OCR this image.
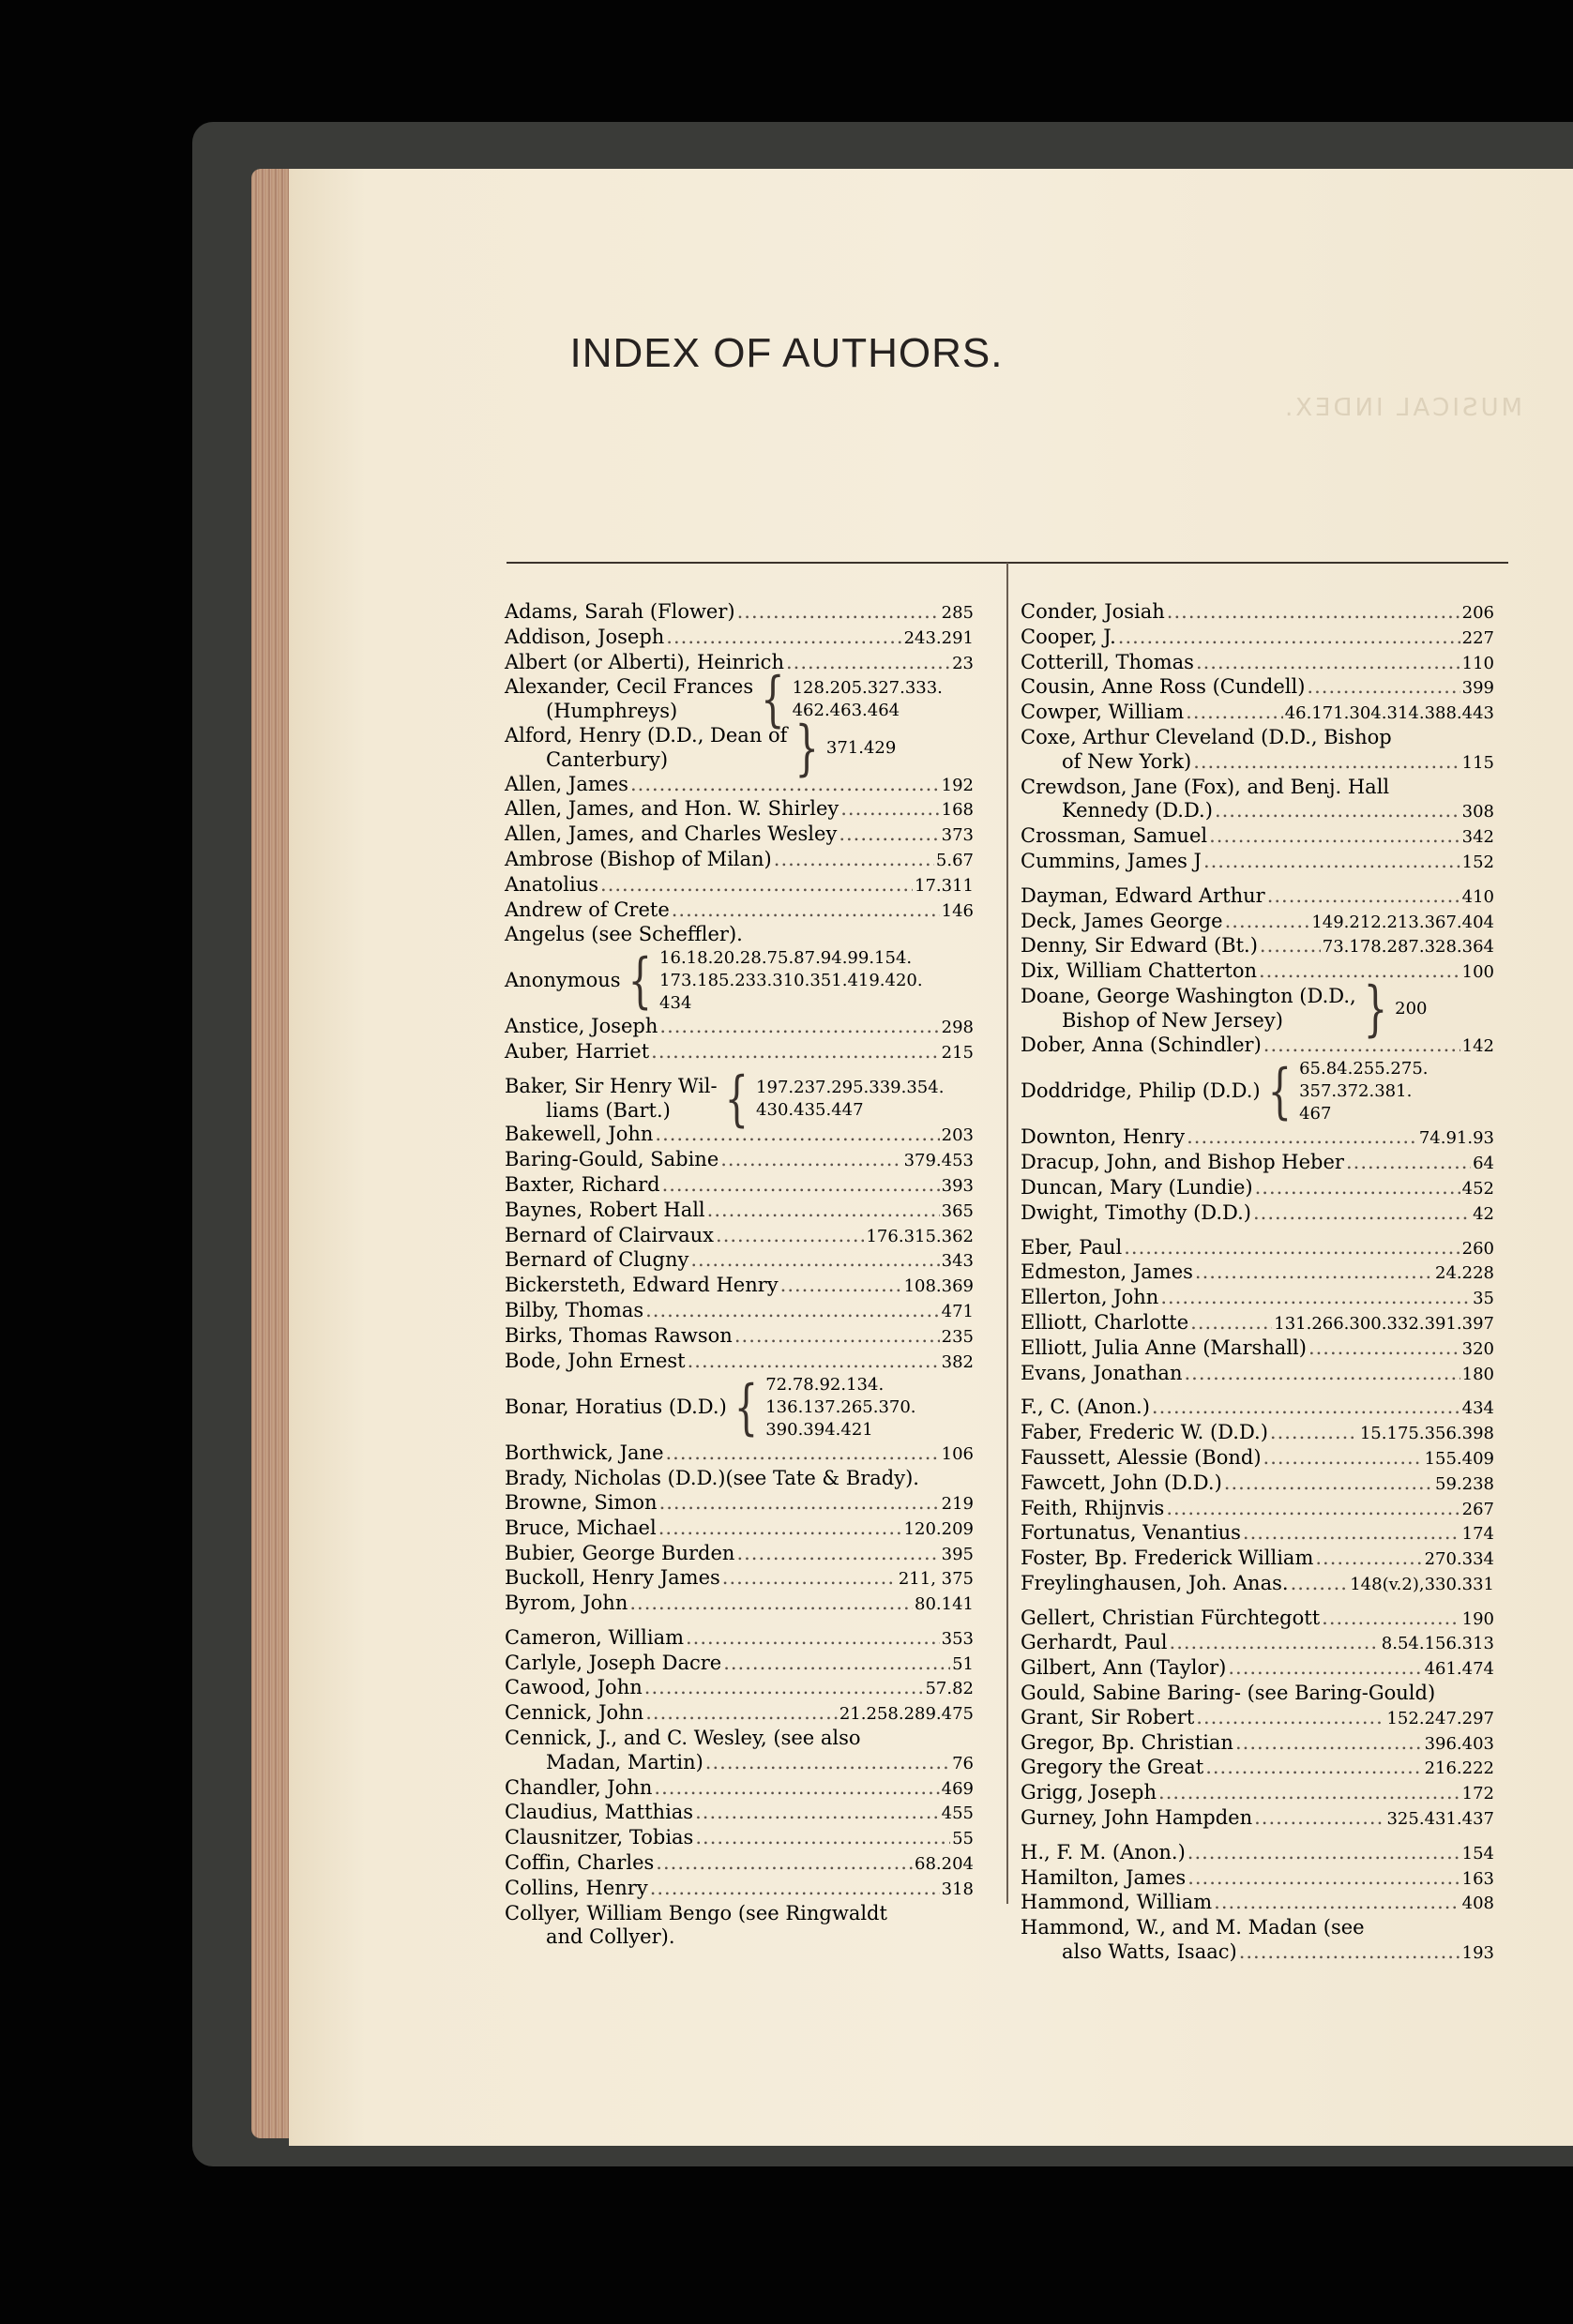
MUSICAL INDEX.
INDEX OF AUTHORS.
Adams, Sarah (Flower) .....	285
Addison, Joseph .....	243.291
Albert (or Alberti), Heinrich .....	23
Alexander, Cecil Frances
(Humphreys)	{ 128.205.327.333.
462.463.464
Alford, Henry (D.D., Dean of
Canterbury)	} 371.429
Allen, James .....	192
Allen, James, and Hon. W. Shirley .....	168
Allen, James, and Charles Wesley .....	373
Ambrose (Bishop of Milan) .....	5.67
Anatolius .....	17.311
Andrew of Crete .....	146
Angelus (see Scheffler).
Anonymous { 16.18.20.28.75.87.94.99.154.
173.185.233.310.351.419.420.
434
Anstice, Joseph .....	298
Auber, Harriet .....	215
Baker, Sir Henry Wil-
liams (Bart.)	{ 197.237.295.339.354.
430.435.447
Bakewell, John .....	203
Baring-Gould, Sabine .....	379.453
Baxter, Richard .....	393
Baynes, Robert Hall .....	365
Bernard of Clairvaux .....	176.315.362
Bernard of Clugny .....	343
Bickersteth, Edward Henry .....	108.369
Bilby, Thomas .....	471
Birks, Thomas Rawson .....	235
Bode, John Ernest .....	382
Bonar, Horatius (D.D.) { 72.78.92.134.
136.137.265.370.
390.394.421
Borthwick, Jane .....	106
Brady, Nicholas (D.D.)(see Tate & Brady).
Browne, Simon .....	219
Bruce, Michael .....	120.209
Bubier, George Burden .....	395
Buckoll, Henry James .....	211, 375
Byrom, John .....	80.141
Cameron, William .....	353
Carlyle, Joseph Dacre .....	51
Cawood, John .....	57.82
Cennick, John .....	21.258.289.475
Cennick, J., and C. Wesley, (see also
Madan, Martin) .....	76
Chandler, John .....	469
Claudius, Matthias .....	455
Clausnitzer, Tobias .....	55
Coffin, Charles .....	68.204
Collins, Henry .....	318
Collyer, William Bengo (see Ringwaldt
and Collyer).
Conder, Josiah .....	206
Cooper, J. .....	227
Cotterill, Thomas .....	110
Cousin, Anne Ross (Cundell) .....	399
Cowper, William .....	46.171.304.314.388.443
Coxe, Arthur Cleveland (D.D., Bishop
of New York) .....	115
Crewdson, Jane (Fox), and Benj. Hall
Kennedy (D.D.) .....	308
Crossman, Samuel .....	342
Cummins, James J .....	152
Dayman, Edward Arthur .....	410
Deck, James George .....	149.212.213.367.404
Denny, Sir Edward (Bt.) .....	73.178.287.328.364
Dix, William Chatterton .....	100
Doane, George Washington (D.D.,
Bishop of New Jersey)	} 200
Dober, Anna (Schindler) .....	142
Doddridge, Philip (D.D.) { 65.84.255.275.
357.372.381.
467
Downton, Henry .....	74.91.93
Dracup, John, and Bishop Heber .....	64
Duncan, Mary (Lundie) .....	452
Dwight, Timothy (D.D.) .....	42
Eber, Paul .....	260
Edmeston, James .....	24.228
Ellerton, John .....	35
Elliott, Charlotte .....	131.266.300.332.391.397
Elliott, Julia Anne (Marshall) .....	320
Evans, Jonathan .....	180
F., C. (Anon.) .....	434
Faber, Frederic W. (D.D.) .....	15.175.356.398
Faussett, Alessie (Bond) .....	155.409
Fawcett, John (D.D.) .....	59.238
Feith, Rhijnvis .....	267
Fortunatus, Venantius .....	174
Foster, Bp. Frederick William .....	270.334
Freylinghausen, Joh. Anas. .....	148(v.2),330.331
Gellert, Christian Fürchtegott .....	190
Gerhardt, Paul .....	8.54.156.313
Gilbert, Ann (Taylor) .....	461.474
Gould, Sabine Baring- (see Baring-Gould)
Grant, Sir Robert .....	152.247.297
Gregor, Bp. Christian .....	396.403
Gregory the Great .....	216.222
Grigg, Joseph .....	172
Gurney, John Hampden .....	325.431.437
H., F. M. (Anon.) .....	154
Hamilton, James .....	163
Hammond, William .....	408
Hammond, W., and M. Madan (see
also Watts, Isaac) .....	193
